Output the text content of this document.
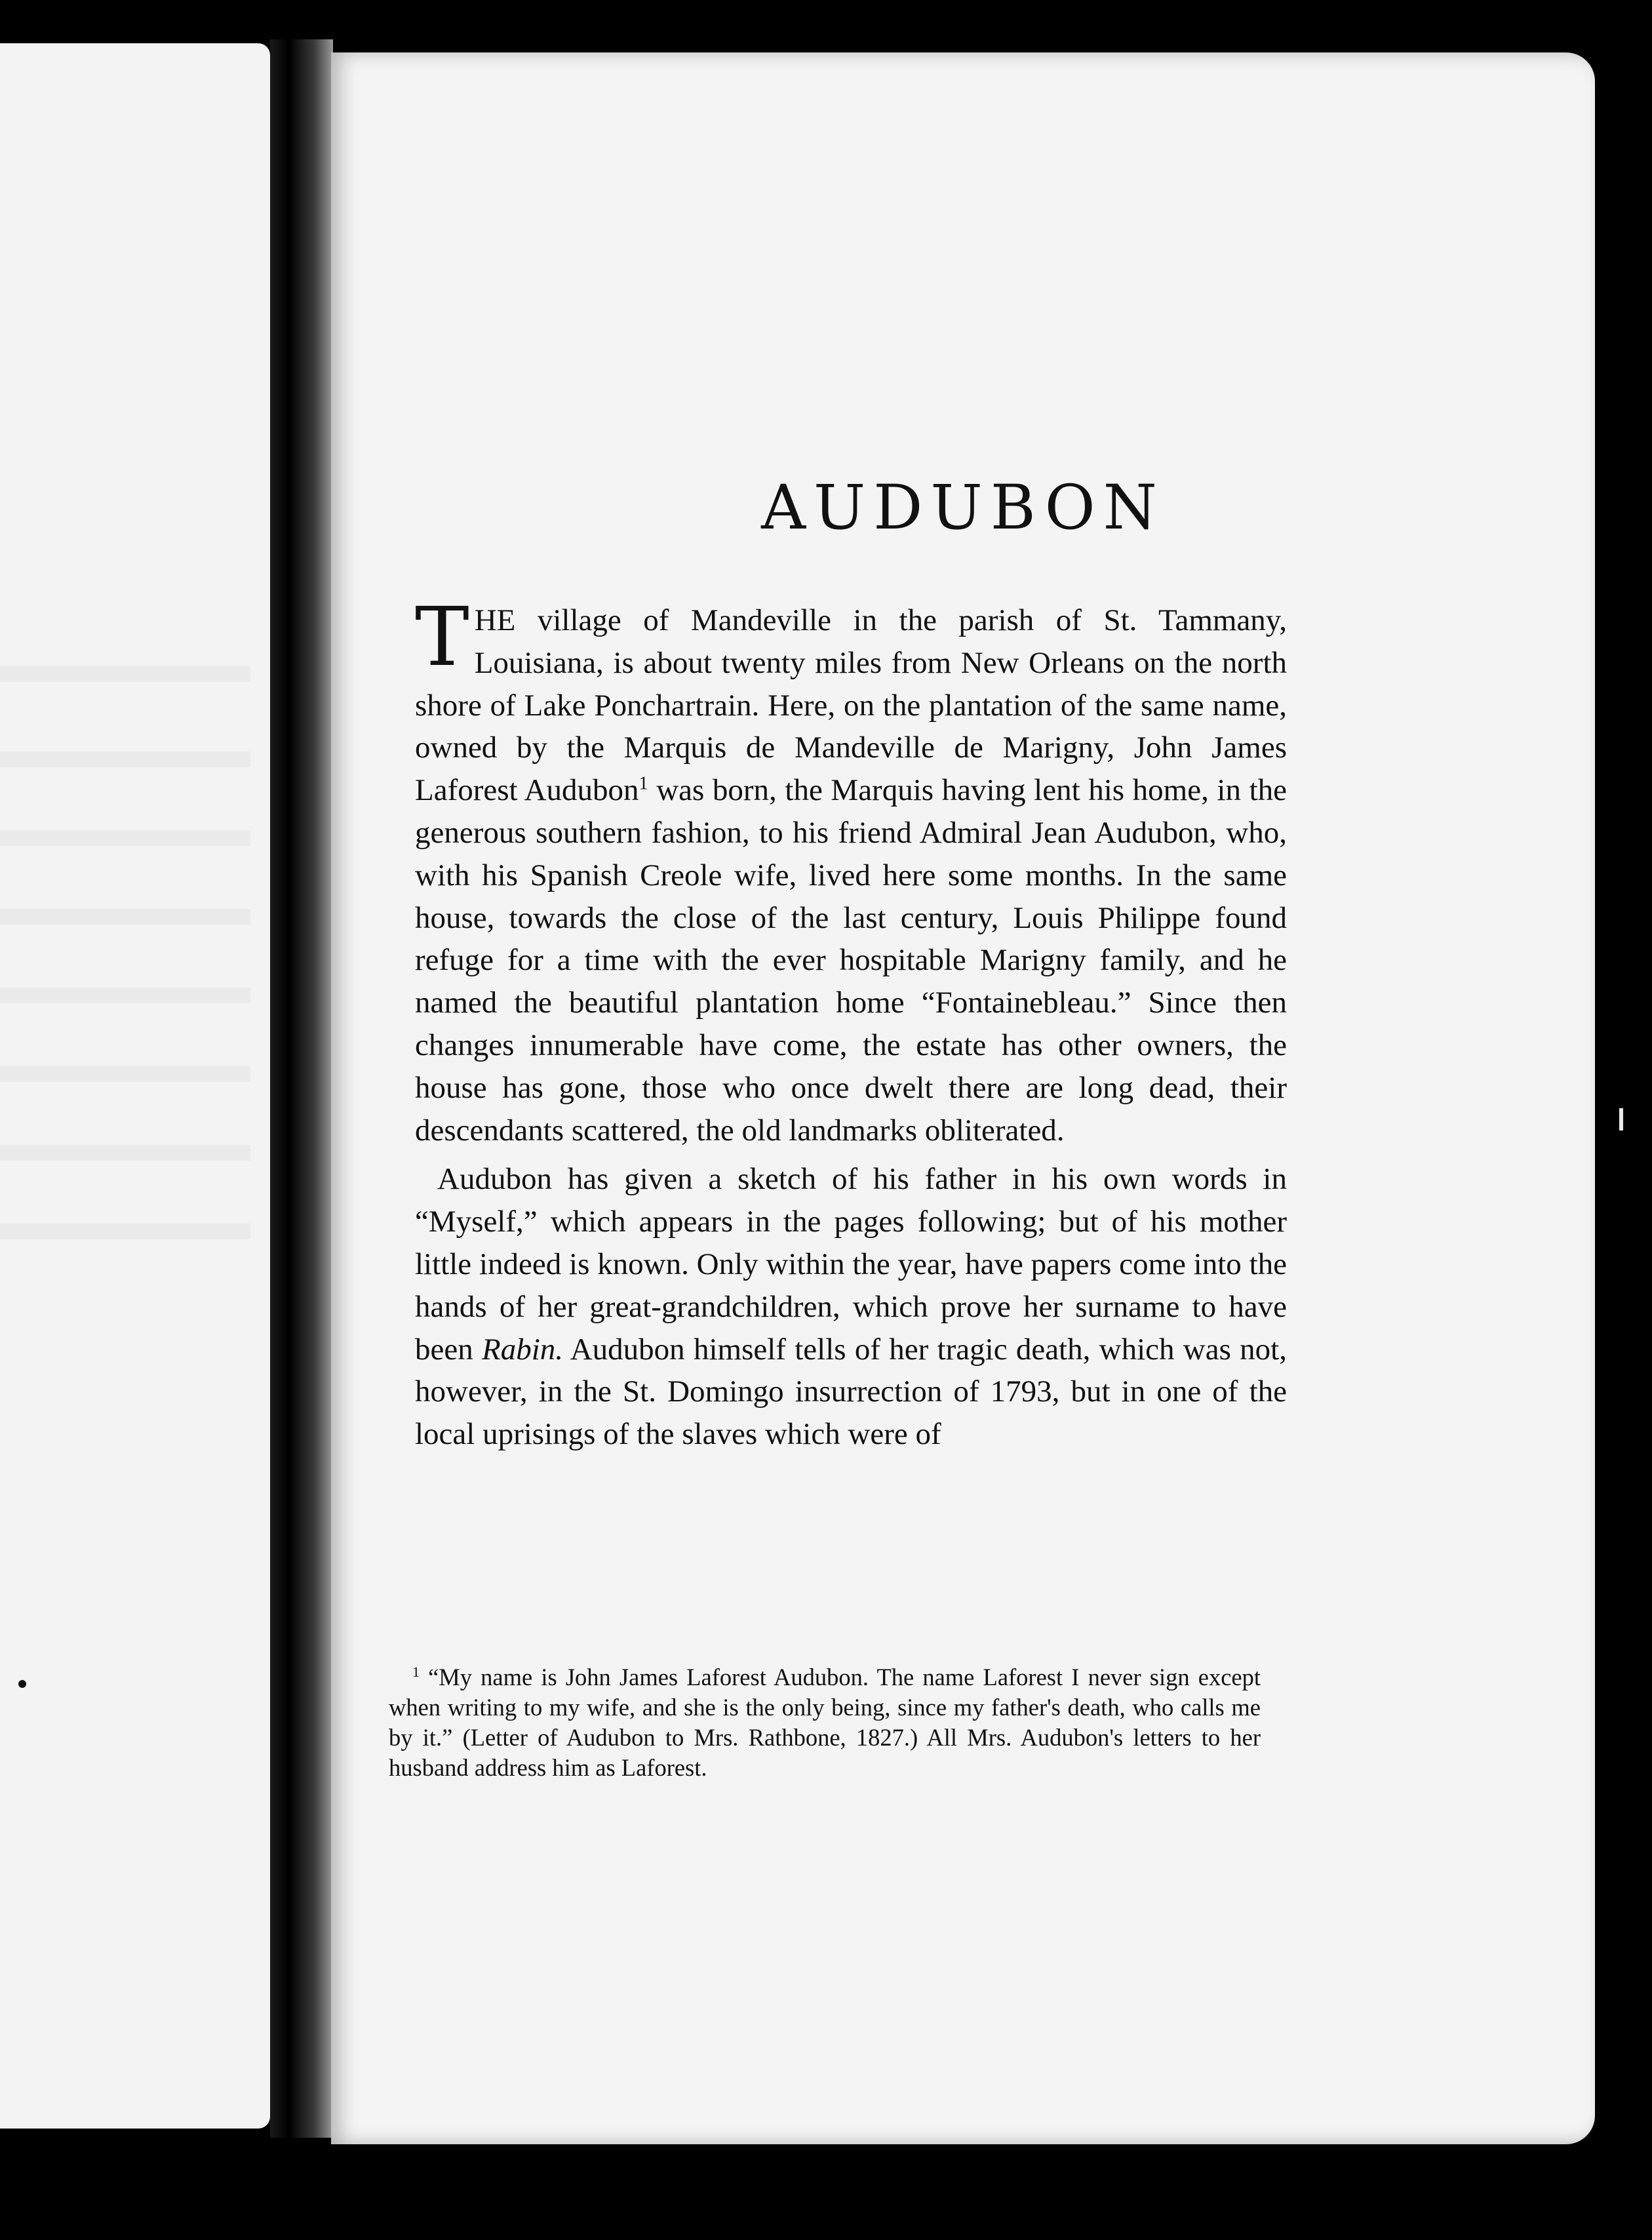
AUDUBON

THE village of Mandeville in the parish of St. Tammany, Louisiana, is about twenty miles from New Orleans on the north shore of Lake Ponchartrain. Here, on the plantation of the same name, owned by the Marquis de Mandeville de Marigny, John James Laforest Audubon$^1$ was born, the Marquis having lent his home, in the generous southern fashion, to his friend Admiral Jean Audubon, who, with his Spanish Creole wife, lived here some months. In the same house, towards the close of the last century, Louis Philippe found refuge for a time with the ever hospitable Marigny family, and he named the beautiful plantation home “Fontainebleau.” Since then changes innumerable have come, the estate has other owners, the house has gone, those who once dwelt there are long dead, their descendants scattered, the old landmarks obliterated.

Audubon has given a sketch of his father in his own words in “Myself,” which appears in the pages following; but of his mother little indeed is known. Only within the year, have papers come into the hands of her great-grandchildren, which prove her surname to have been Rabin. Audubon himself tells of her tragic death, which was not, however, in the St. Domingo insurrection of 1793, but in one of the local uprisings of the slaves which were of

$^1$ “My name is John James Laforest Audubon. The name Laforest I never sign except when writing to my wife, and she is the only being, since my father's death, who calls me by it.” (Letter of Audubon to Mrs. Rathbone, 1827.) All Mrs. Audubon's letters to her husband address him as Laforest.
